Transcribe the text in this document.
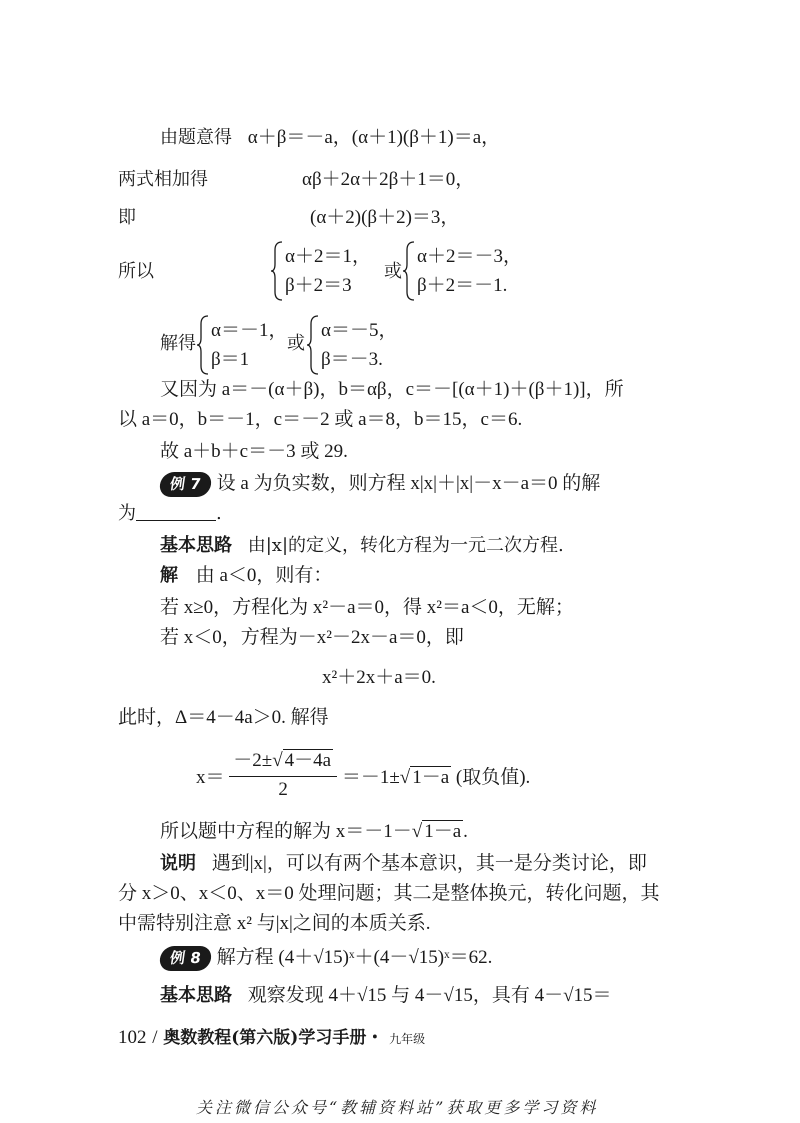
由题意得 α＋β＝－a，(α＋1)(β＋1)＝a，
两式相加得	αβ＋2α＋2β＋1＝0，
即	(α＋2)(β＋2)＝3，
所以
α＋2＝1，
β＋2＝3
或
α＋2＝－3，
β＋2＝－1.
解得
α＝－1，
β＝1
或
α＝－5，
β＝－3.
又因为 a＝－(α＋β)，b＝αβ，c＝－[(α＋1)＋(β＋1)]，所
以 a＝0，b＝－1，c＝－2 或 a＝8，b＝15，c＝6.
故 a＋b＋c＝－3 或 29.
例 7 设 a 为负实数，则方程 x|x|＋|x|－x－a＝0 的解
为	.
基本思路 由|x|的定义，转化方程为一元二次方程.
解 由 a＜0，则有：
若 x≥0，方程化为 x²－a＝0，得 x²＝a＜0，无解；
若 x＜0，方程为－x²－2x－a＝0，即
x²＋2x＋a＝0.
此时，Δ＝4－4a＞0. 解得
$x= \frac{-2\pm√ 4-4a}{2} =-1\pm√$ 1－a (取负值).
所以题中方程的解为 x＝－1－√ 1－a .
说明 遇到|x|，可以有两个基本意识，其一是分类讨论，即
分 x＞0、x＜0、x＝0 处理问题；其二是整体换元，转化问题，其
中需特别注意 x² 与|x|之间的本质关系.
例 8 解方程 (4＋√15)ˣ＋(4－√15)ˣ＝62.
基本思路 观察发现 4＋√15 与 4－√15，具有 4－√15＝
102 / 奥数教程(第六版)学习手册・ 九年级
关注微信公众号“教辅资料站”获取更多学习资料
